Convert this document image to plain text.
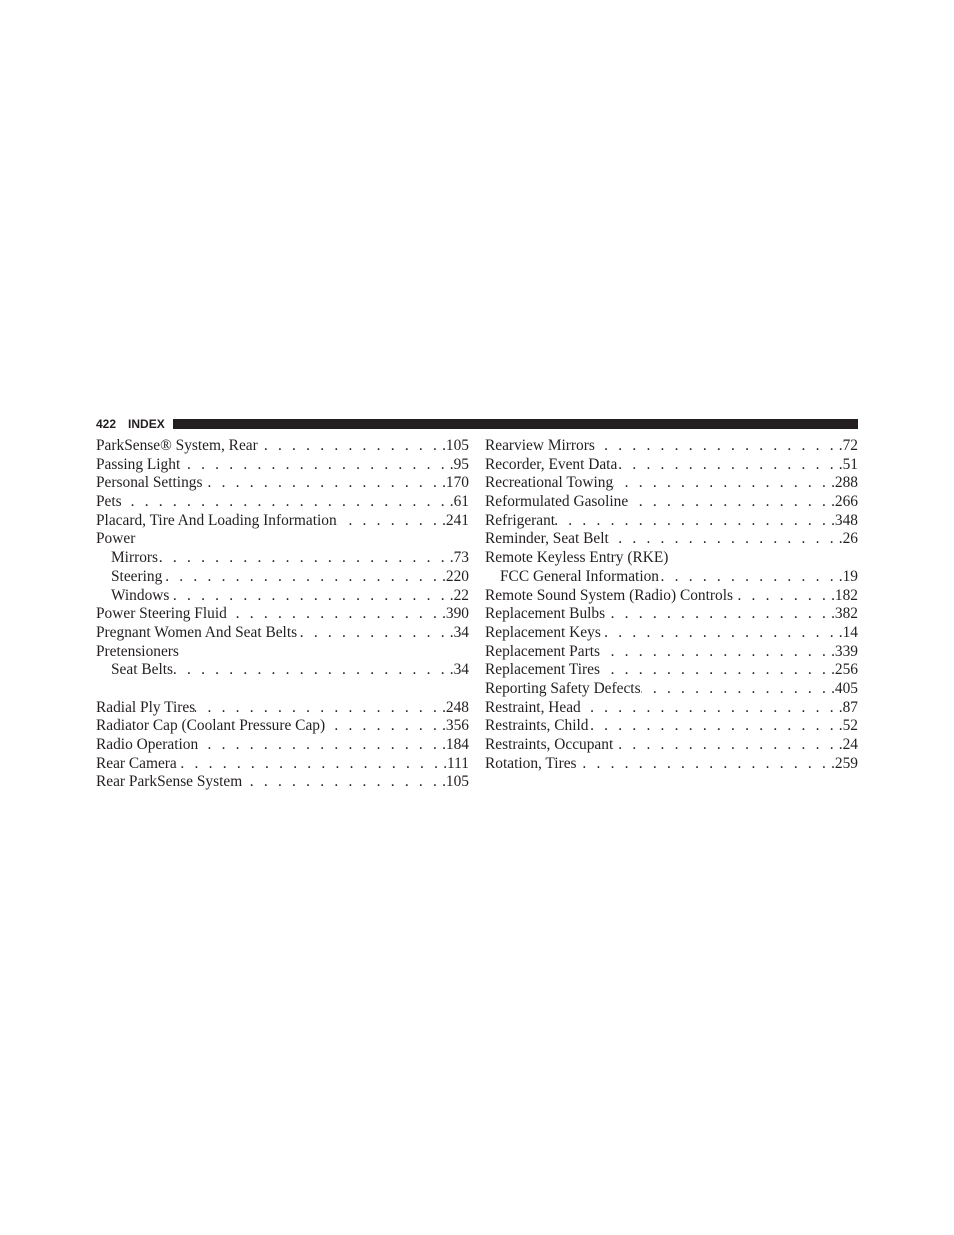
422 INDEX
ParkSense® System, Rear . . .	.105
Passing Light . . .	.95
Personal Settings . . .	.170
Pets . . .	.61
Placard, Tire And Loading Information . . .	.241
Power
Mirrors . . .	.73
Steering . . .	.220
Windows . . .	.22
Power Steering Fluid . . .	.390
Pregnant Women And Seat Belts . . .	.34
Pretensioners
Seat Belts . . .	.34
Radial Ply Tires . . .	.248
Radiator Cap (Coolant Pressure Cap) . . .	.356
Radio Operation . . .	.184
Rear Camera . . .	.111
Rear ParkSense System . . .	.105
Rearview Mirrors . . .	.72
Recorder, Event Data . . .	.51
Recreational Towing . . .	.288
Reformulated Gasoline . . .	.266
Refrigerant . . .	.348
Reminder, Seat Belt . . .	.26
Remote Keyless Entry (RKE)
FCC General Information . . .	.19
Remote Sound System (Radio) Controls . . .	.182
Replacement Bulbs . . .	.382
Replacement Keys . . .	.14
Replacement Parts . . .	.339
Replacement Tires . . .	.256
Reporting Safety Defects . . .	.405
Restraint, Head . . .	.87
Restraints, Child . . .	.52
Restraints, Occupant . . .	.24
Rotation, Tires . . .	.259
